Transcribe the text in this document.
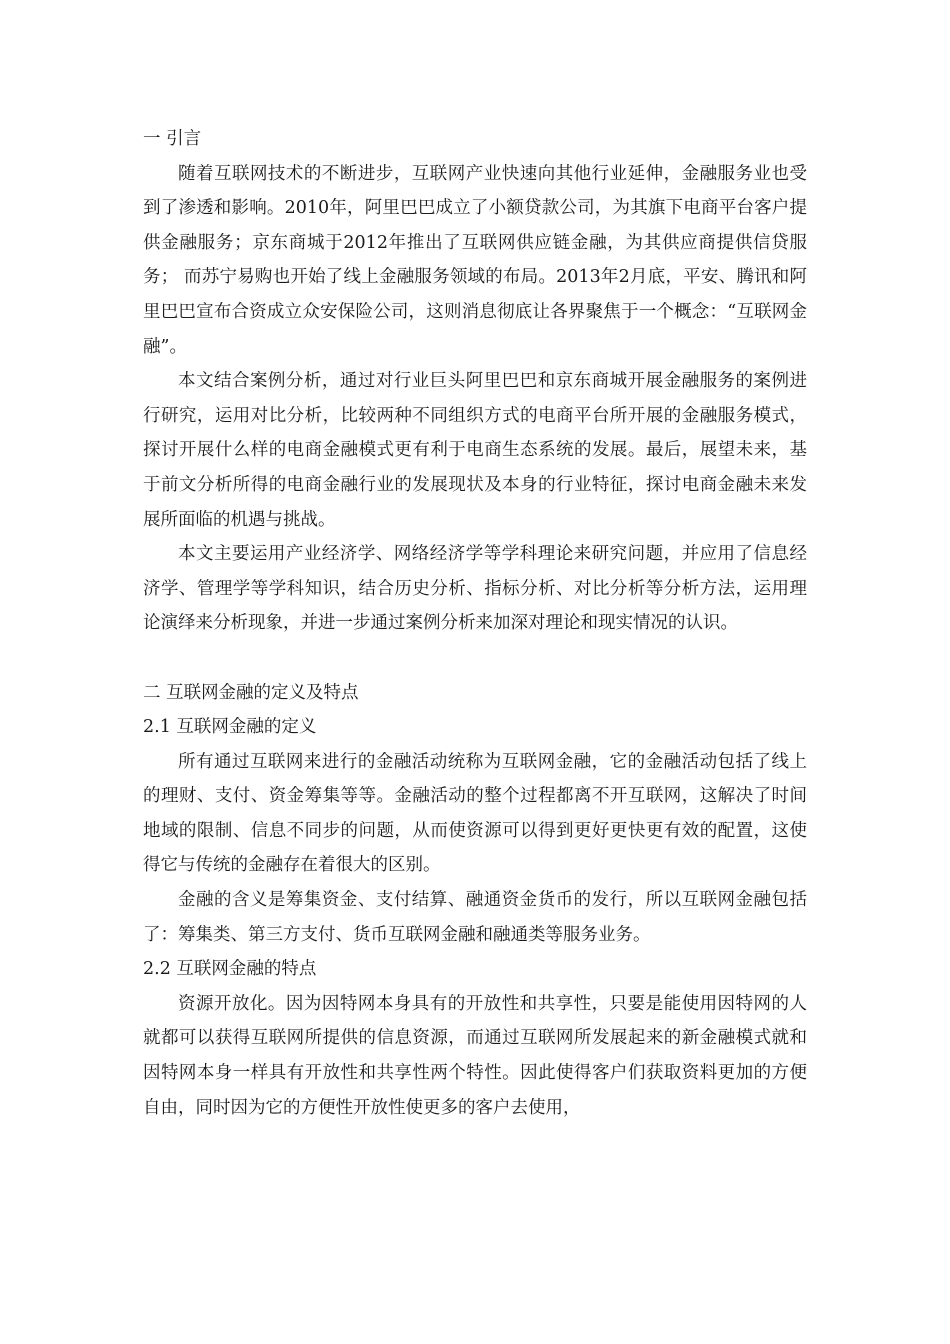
一 引言

随着互联网技术的不断进步，互联网产业快速向其他行业延伸，金融服务业也受到了渗透和影响。2010年，阿里巴巴成立了小额贷款公司，为其旗下电商平台客户提供金融服务；京东商城于2012年推出了互联网供应链金融，为其供应商提供信贷服务； 而苏宁易购也开始了线上金融服务领域的布局。2013年2月底，平安、腾讯和阿里巴巴宣布合资成立众安保险公司，这则消息彻底让各界聚焦于一个概念：“互联网金融”。

本文结合案例分析，通过对行业巨头阿里巴巴和京东商城开展金融服务的案例进行研究，运用对比分析，比较两种不同组织方式的电商平台所开展的金融服务模式，探讨开展什么样的电商金融模式更有利于电商生态系统的发展。最后，展望未来，基于前文分析所得的电商金融行业的发展现状及本身的行业特征，探讨电商金融未来发展所面临的机遇与挑战。

本文主要运用产业经济学、网络经济学等学科理论来研究问题，并应用了信息经济学、管理学等学科知识，结合历史分析、指标分析、对比分析等分析方法，运用理论演绎来分析现象，并进一步通过案例分析来加深对理论和现实情况的认识。

二 互联网金融的定义及特点
2.1 互联网金融的定义

所有通过互联网来进行的金融活动统称为互联网金融，它的金融活动包括了线上的理财、支付、资金筹集等等。金融活动的整个过程都离不开互联网，这解决了时间地域的限制、信息不同步的问题，从而使资源可以得到更好更快更有效的配置，这使得它与传统的金融存在着很大的区别。

金融的含义是筹集资金、支付结算、融通资金货币的发行，所以互联网金融包括了：筹集类、第三方支付、货币互联网金融和融通类等服务业务。

2.2 互联网金融的特点

资源开放化。因为因特网本身具有的开放性和共享性，只要是能使用因特网的人就都可以获得互联网所提供的信息资源，而通过互联网所发展起来的新金融模式就和因特网本身一样具有开放性和共享性两个特性。因此使得客户们获取资料更加的方便自由，同时因为它的方便性开放性使更多的客户去使用，
